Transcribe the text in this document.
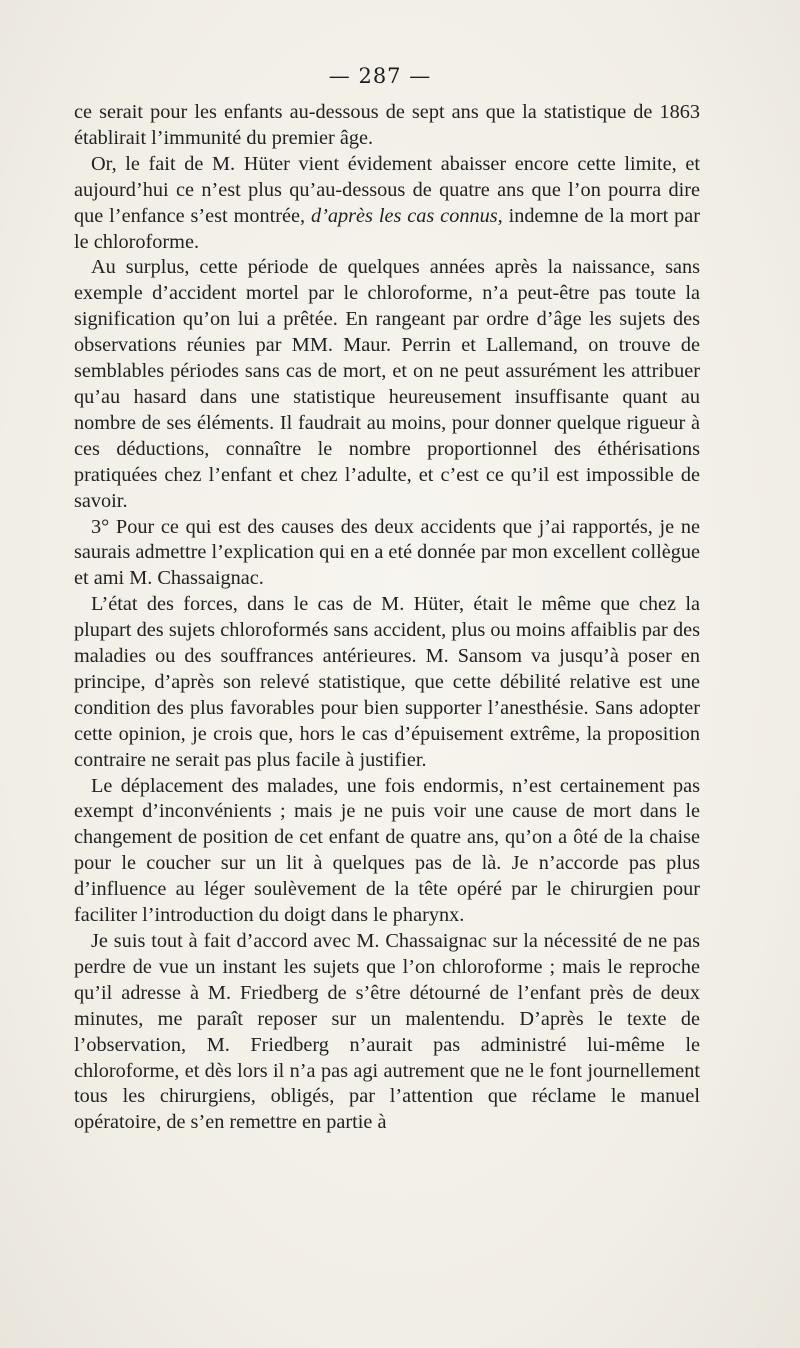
— 287 —

ce serait pour les enfants au-dessous de sept ans que la statistique de 1863 établirait l’immunité du premier âge.

Or, le fait de M. Hüter vient évidement abaisser encore cette limite, et aujourd’hui ce n’est plus qu’au-dessous de quatre ans que l’on pourra dire que l’enfance s’est montrée, d’après les cas connus, indemne de la mort par le chloroforme.

Au surplus, cette période de quelques années après la naissance, sans exemple d’accident mortel par le chloroforme, n’a peut-être pas toute la signification qu’on lui a prêtée. En rangeant par ordre d’âge les sujets des observations réunies par MM. Maur. Perrin et Lallemand, on trouve de semblables périodes sans cas de mort, et on ne peut assurément les attribuer qu’au hasard dans une statistique heureusement insuffisante quant au nombre de ses éléments. Il faudrait au moins, pour donner quelque rigueur à ces déductions, connaître le nombre proportionnel des éthérisations pratiquées chez l’enfant et chez l’adulte, et c’est ce qu’il est impossible de savoir.

3° Pour ce qui est des causes des deux accidents que j’ai rapportés, je ne saurais admettre l’explication qui en a eté donnée par mon excellent collègue et ami M. Chassaignac.

L’état des forces, dans le cas de M. Hüter, était le même que chez la plupart des sujets chloroformés sans accident, plus ou moins affaiblis par des maladies ou des souffrances antérieures. M. Sansom va jusqu’à poser en principe, d’après son relevé statistique, que cette débilité relative est une condition des plus favorables pour bien supporter l’anesthésie. Sans adopter cette opinion, je crois que, hors le cas d’épuisement extrême, la proposition contraire ne serait pas plus facile à justifier.

Le déplacement des malades, une fois endormis, n’est certainement pas exempt d’inconvénients ; mais je ne puis voir une cause de mort dans le changement de position de cet enfant de quatre ans, qu’on a ôté de la chaise pour le coucher sur un lit à quelques pas de là. Je n’accorde pas plus d’influence au léger soulèvement de la tête opéré par le chirurgien pour faciliter l’introduction du doigt dans le pharynx.

Je suis tout à fait d’accord avec M. Chassaignac sur la nécessité de ne pas perdre de vue un instant les sujets que l’on chloroforme ; mais le reproche qu’il adresse à M. Friedberg de s’être détourné de l’enfant près de deux minutes, me paraît reposer sur un malentendu. D’après le texte de l’observation, M. Friedberg n’aurait pas administré lui-même le chloroforme, et dès lors il n’a pas agi autrement que ne le font journellement tous les chirurgiens, obligés, par l’attention que réclame le manuel opératoire, de s’en remettre en partie à
